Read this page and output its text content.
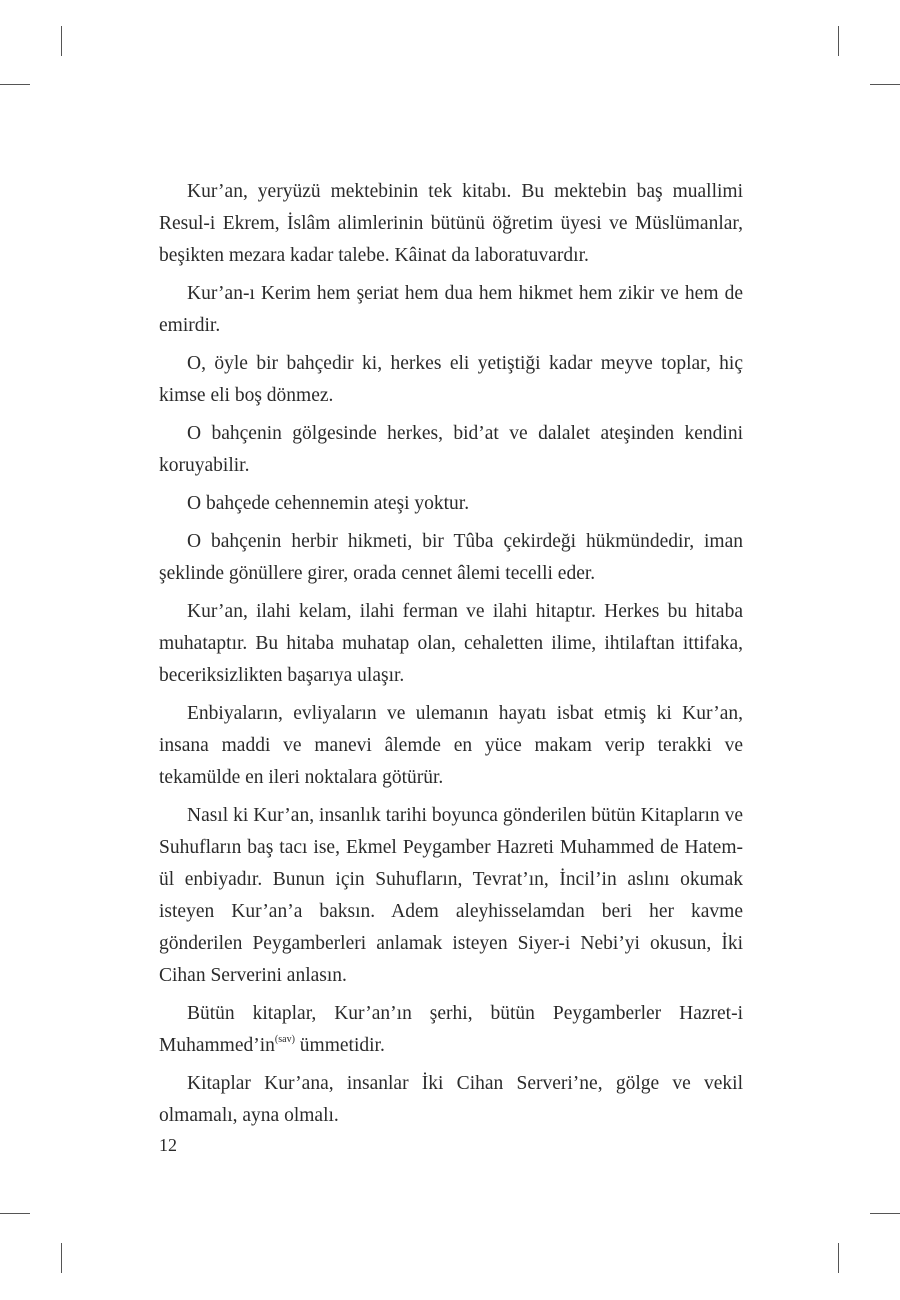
Kur’an, yeryüzü mektebinin tek kitabı. Bu mektebin baş muallimi Resul-i Ekrem, İslâm alimlerinin bütünü öğretim üyesi ve Müslümanlar, beşikten mezara kadar talebe. Kâinat da laboratuvardır.

Kur’an-ı Kerim hem şeriat hem dua hem hikmet hem zikir ve hem de emirdir.

O, öyle bir bahçedir ki, herkes eli yetiştiği kadar meyve toplar, hiç kimse eli boş dönmez.

O bahçenin gölgesinde herkes, bid’at ve dalalet ateşinden kendini koruyabilir.

O bahçede cehennemin ateşi yoktur.

O bahçenin herbir hikmeti, bir Tûba çekirdeği hükmündedir, iman şeklinde gönüllere girer, orada cennet âlemi tecelli eder.

Kur’an, ilahi kelam, ilahi ferman ve ilahi hitaptır. Herkes bu hitaba muhataptır. Bu hitaba muhatap olan, cehaletten ilime, ihtilaftan ittifaka, beceriksizlikten başarıya ulaşır.

Enbiyaların, evliyaların ve ulemanın hayatı isbat etmiş ki Kur’an, insana maddi ve manevi âlemde en yüce makam verip terakki ve tekamülde en ileri noktalara götürür.

Nasıl ki Kur’an, insanlık tarihi boyunca gönderilen bütün Kitapların ve Suhufların baş tacı ise, Ekmel Peygamber Hazreti Muhammed de Hatem-ül enbiyadır. Bunun için Suhufların, Tevrat’ın, İncil’in aslını okumak isteyen Kur’an’a baksın. Adem aleyhisselamdan beri her kavme gönderilen Peygamberleri anlamak isteyen Siyer-i Nebi’yi okusun, İki Cihan Serverini anlasın.

Bütün kitaplar, Kur’an’ın şerhi, bütün Peygamberler Hazret-i $Muhammed’in^{(sav)}$ ümmetidir.

Kitaplar Kur’ana, insanlar İki Cihan Serveri’ne, gölge ve vekil olmamalı, ayna olmalı.

12
